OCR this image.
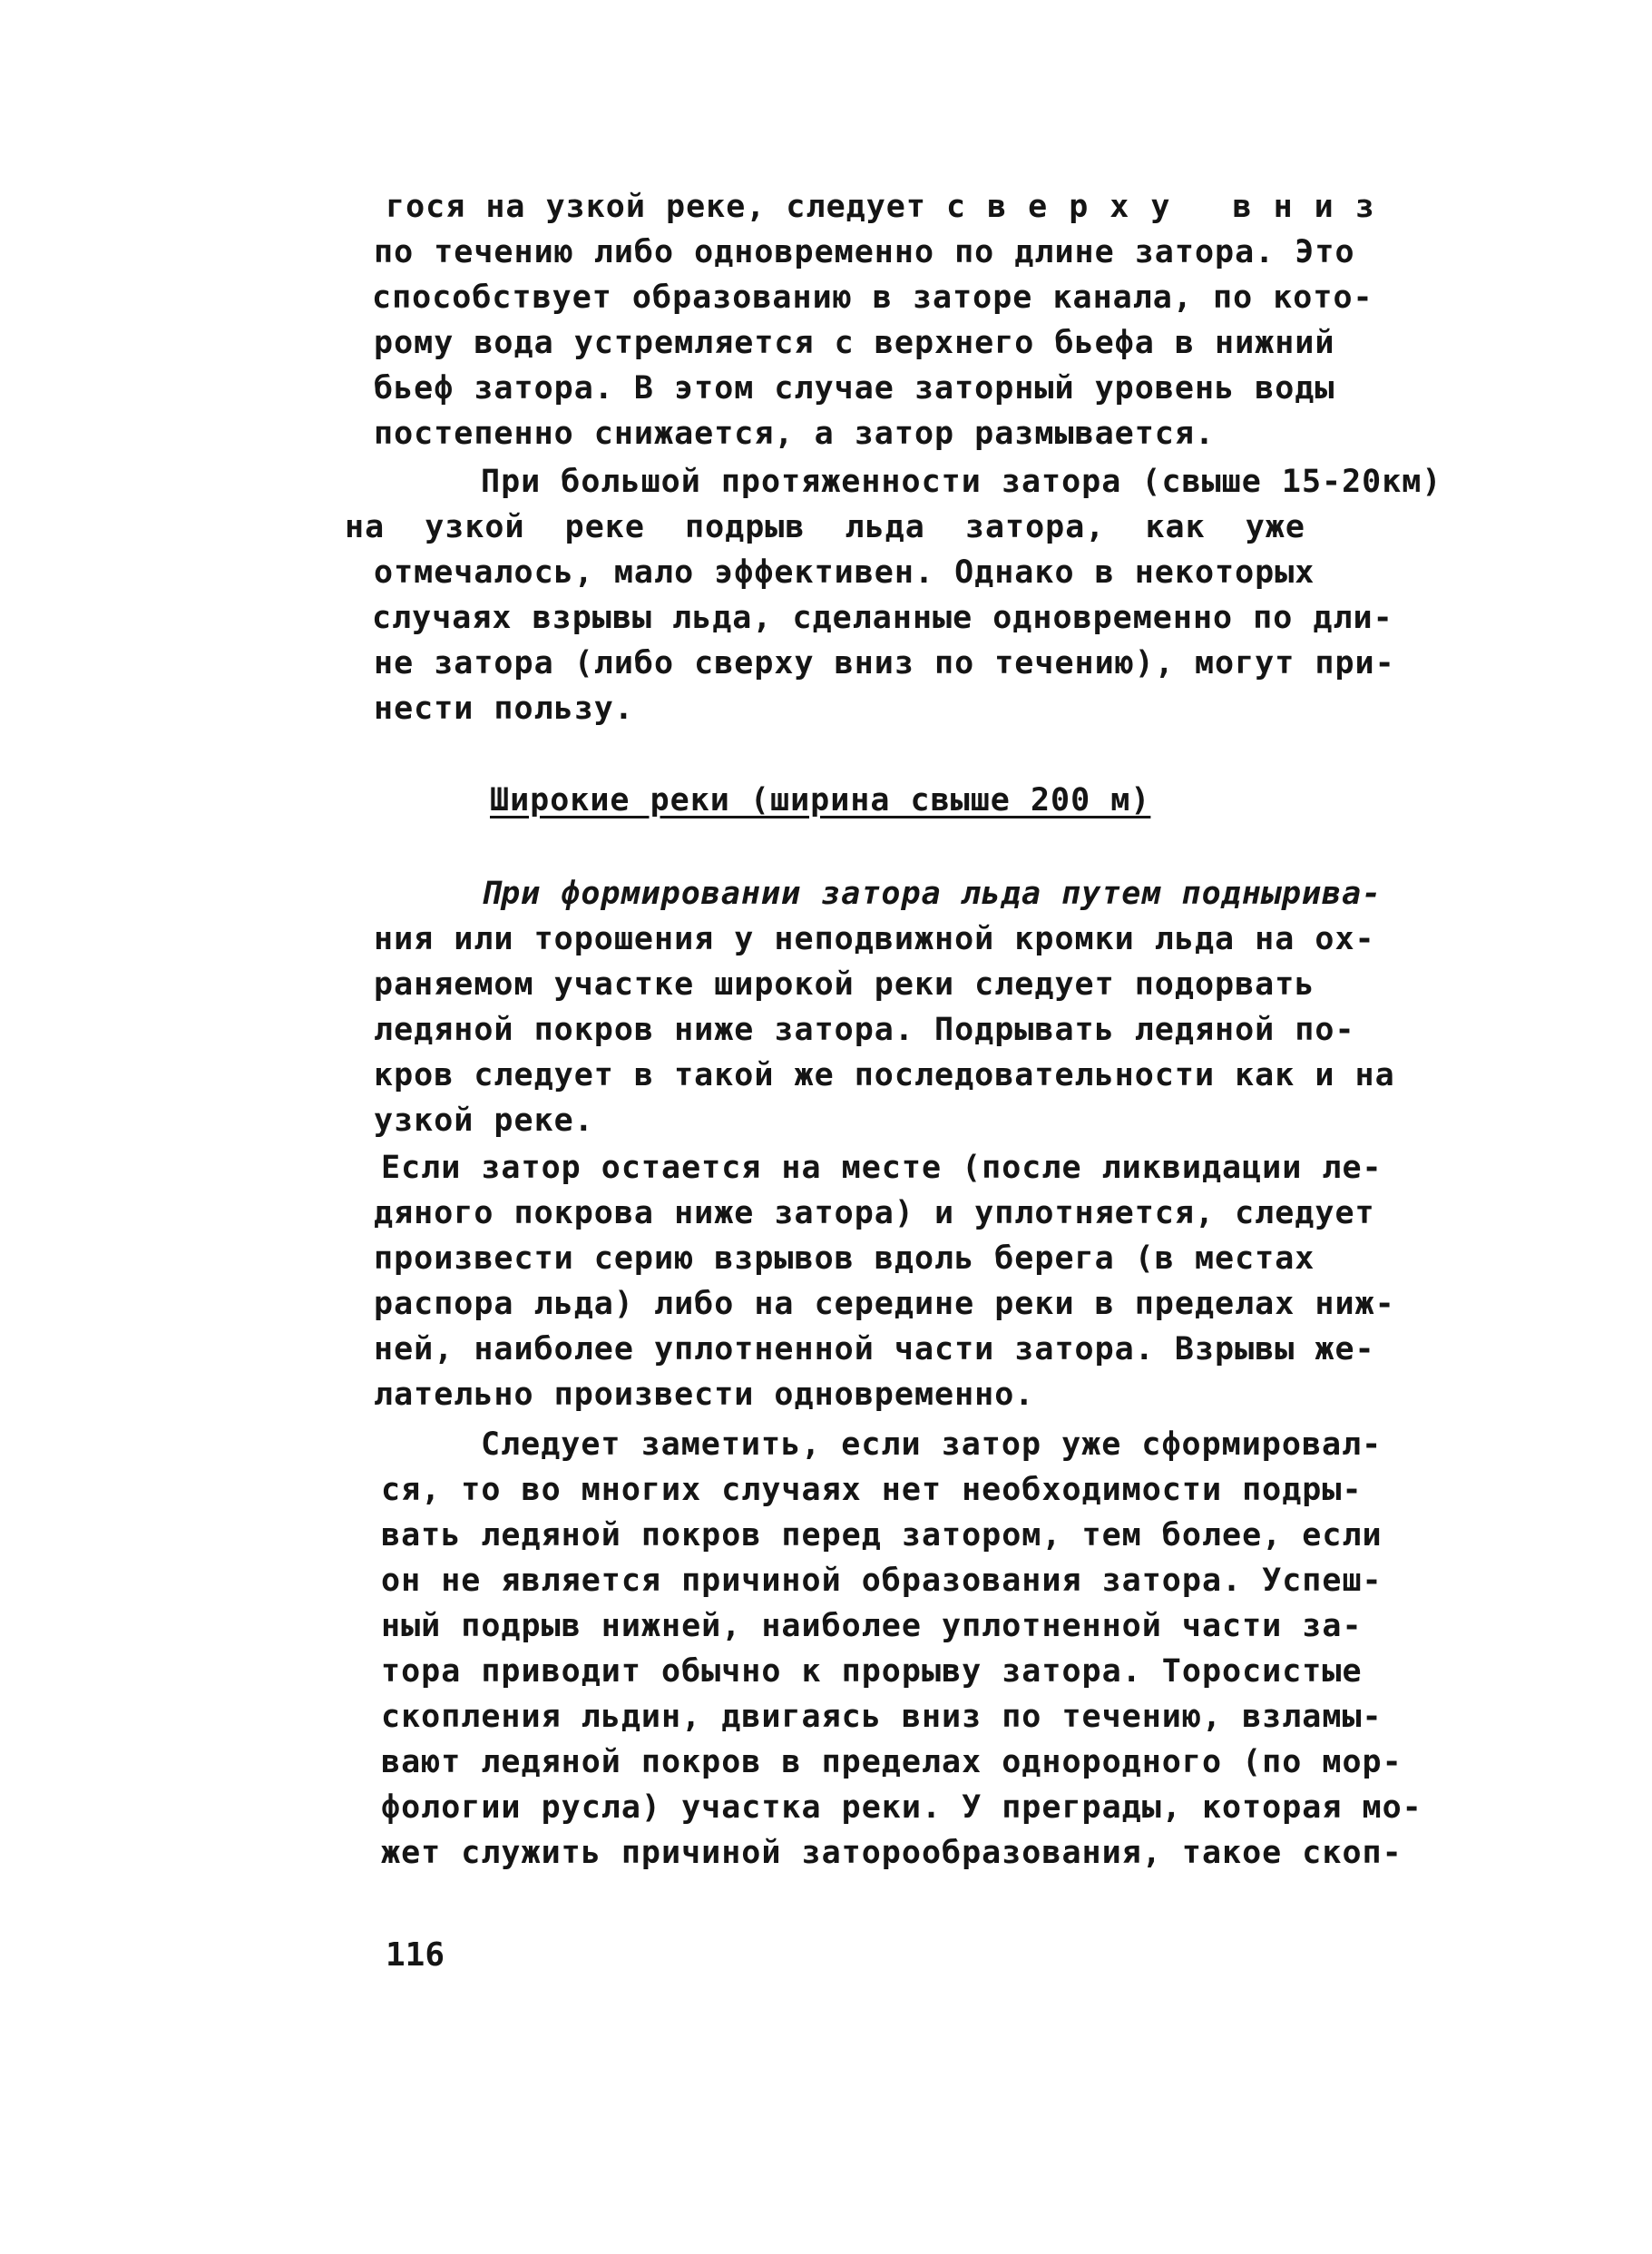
гося на узкой реке, следует сверху вниз

по течению либо одновременно по длине затора. Это

способствует образованию в заторе канала, по кото-

рому вода устремляется с верхнего бьефа в нижний

бьеф затора. В этом случае заторный уровень воды

постепенно снижается, а затор размывается.

При большой протяженности затора (свыше 15-20км)

на узкой реке подрыв льда затора, как уже

отмечалось, мало эффективен. Однако в некоторых

случаях взрывы льда, сделанные одновременно по дли-

не затора (либо сверху вниз по течению), могут при-

нести пользу.

Широкие реки (ширина свыше 200 м)

При формировании затора льда путем поднырива-

ния или торошения у неподвижной кромки льда на ох-

раняемом участке широкой реки следует подорвать

ледяной покров ниже затора. Подрывать ледяной по-

кров следует в такой же последовательности как и на

узкой реке.

Если затор остается на месте (после ликвидации ле-

дяного покрова ниже затора) и уплотняется, следует

произвести серию взрывов вдоль берега (в местах

распора льда) либо на середине реки в пределах ниж-

ней, наиболее уплотненной части затора. Взрывы же-

лательно произвести одновременно.

Следует заметить, если затор уже сформировал-

ся, то во многих случаях нет необходимости подры-

вать ледяной покров перед затором, тем более, если

он не является причиной образования затора. Успеш-

ный подрыв нижней, наиболее уплотненной части за-

тора приводит обычно к прорыву затора. Торосистые

скопления льдин, двигаясь вниз по течению, взламы-

вают ледяной покров в пределах однородного (по мор-

фологии русла) участка реки. У преграды, которая мо-

жет служить причиной заторообразования, такое скоп-

116
